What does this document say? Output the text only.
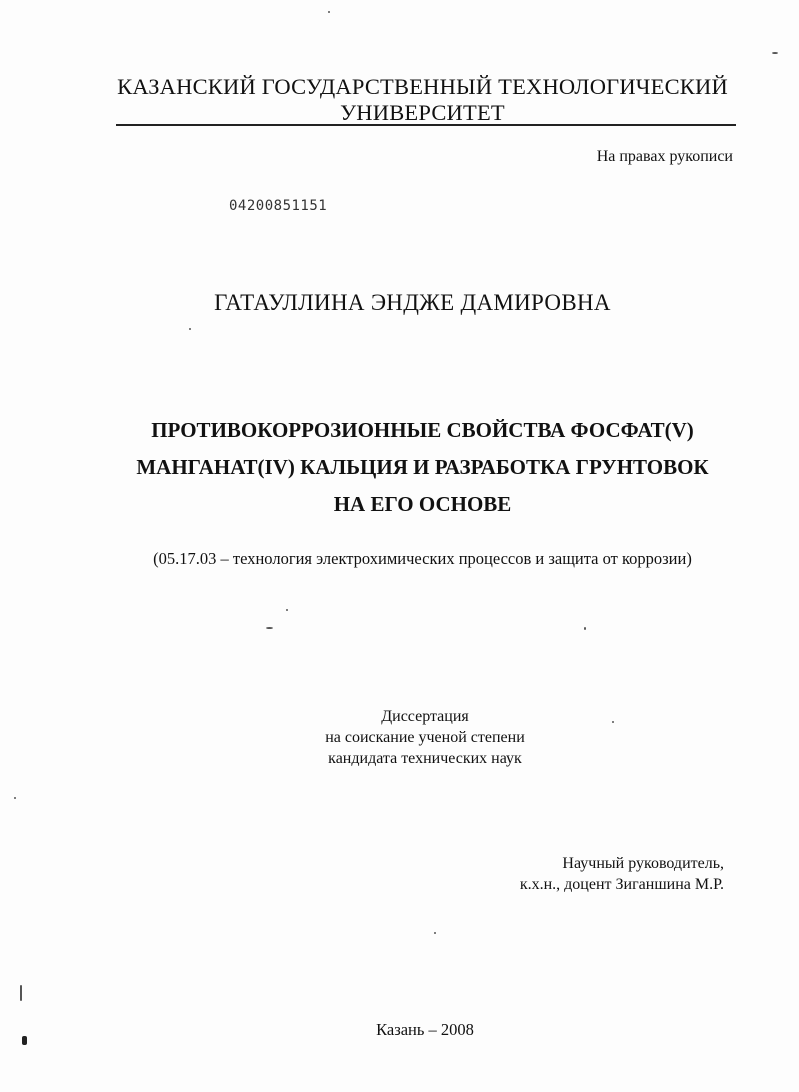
КАЗАНСКИЙ ГОСУДАРСТВЕННЫЙ ТЕХНОЛОГИЧЕСКИЙ
УНИВЕРСИТЕТ
На правах рукописи
04200851151
ГАТАУЛЛИНА ЭНДЖЕ ДАМИРОВНА
ПРОТИВОКОРРОЗИОННЫЕ СВОЙСТВА ФОСФАТ(V)
МАНГАНАТ(IV) КАЛЬЦИЯ И РАЗРАБОТКА ГРУНТОВОК
НА ЕГО ОСНОВЕ
(05.17.03 – технология электрохимических процессов и защита от коррозии)
Диссертация
на соискание ученой степени
кандидата технических наук
Научный руководитель,
к.х.н., доцент Зиганшина М.Р.
Казань – 2008
